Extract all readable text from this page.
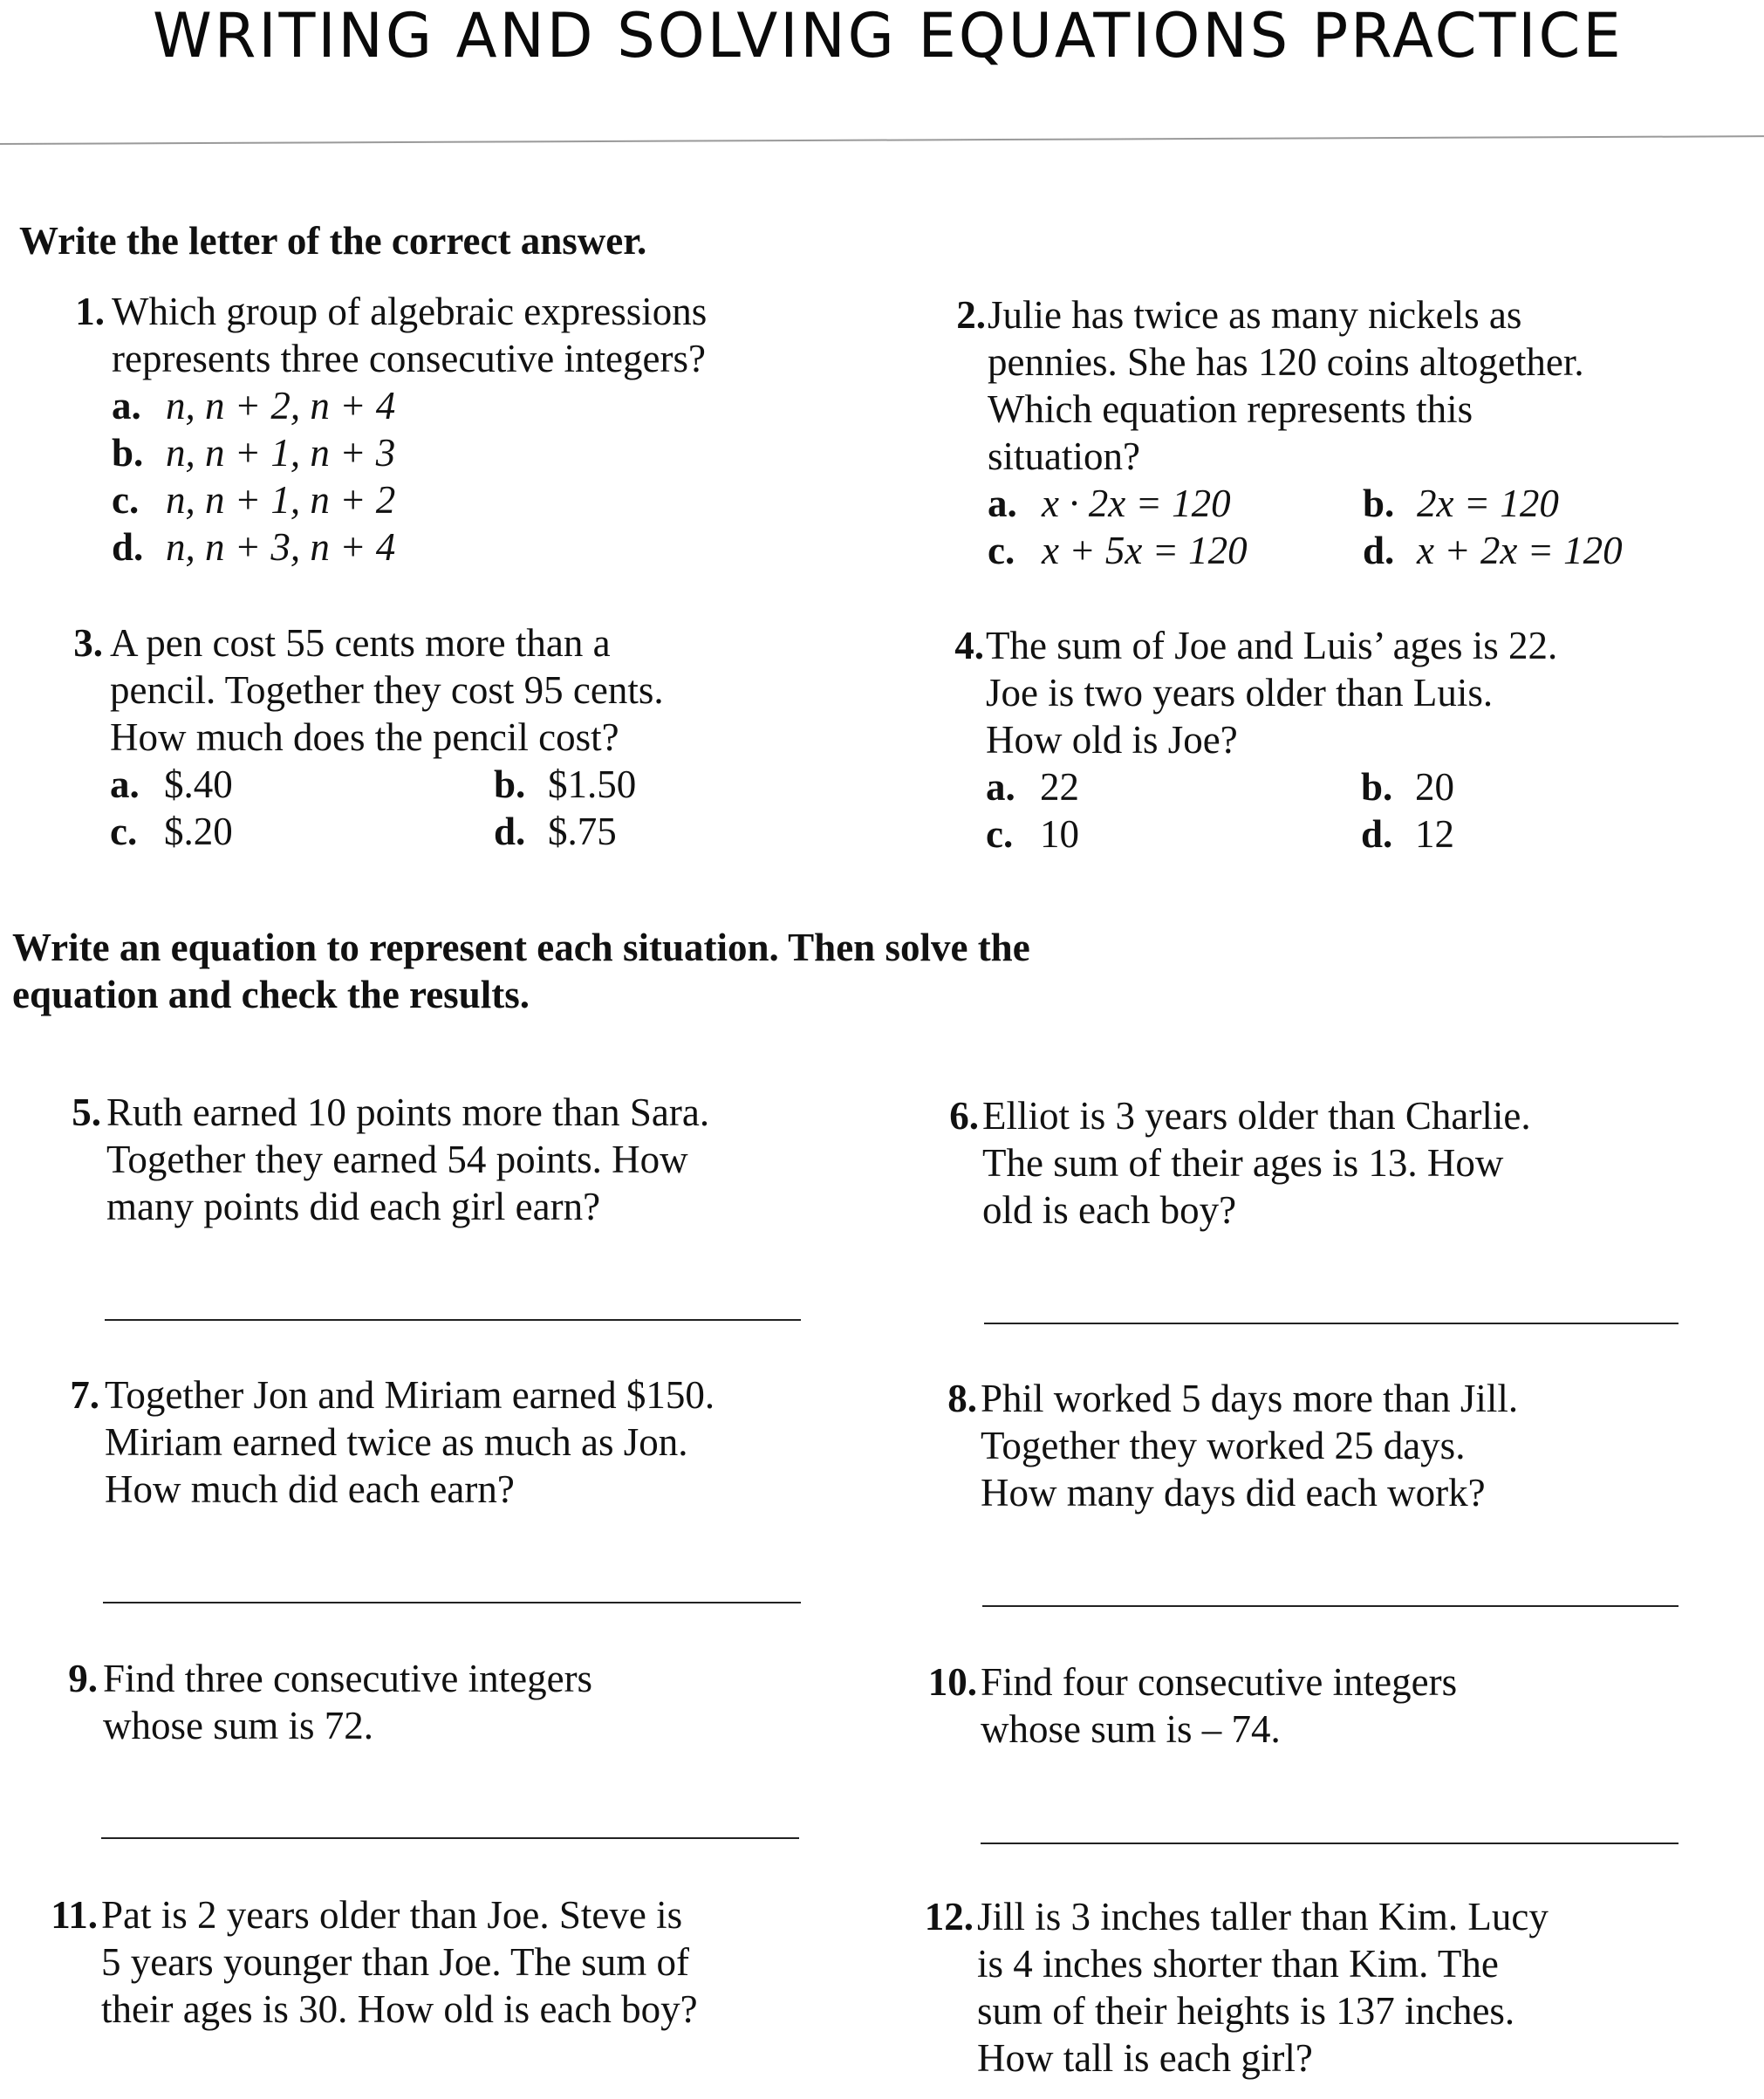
WRITING AND SOLVING EQUATIONS PRACTICE
Write the letter of the correct answer.
1. Which group of algebraic expressions
represents three consecutive integers?
a. n, n + 2, n + 4
b. n, n + 1, n + 3
c. n, n + 1, n + 2
d. n, n + 3, n + 4
2. Julie has twice as many nickels as
pennies. She has 120 coins altogether.
Which equation represents this
situation?
a. x · 2x = 120	b. 2x = 120
c. x + 5x = 120	d. x + 2x = 120
3. A pen cost 55 cents more than a
pencil. Together they cost 95 cents.
How much does the pencil cost?
a. $.40	b. $1.50
c. $.20	d. $.75
4. The sum of Joe and Luis’ ages is 22.
Joe is two years older than Luis.
How old is Joe?
a. 22	b. 20
c. 10	d. 12
Write an equation to represent each situation. Then solve the
equation and check the results.
5. Ruth earned 10 points more than Sara.
Together they earned 54 points. How
many points did each girl earn?
6. Elliot is 3 years older than Charlie.
The sum of their ages is 13. How
old is each boy?
7. Together Jon and Miriam earned $150.
Miriam earned twice as much as Jon.
How much did each earn?
8. Phil worked 5 days more than Jill.
Together they worked 25 days.
How many days did each work?
9. Find three consecutive integers
whose sum is 72.
10. Find four consecutive integers
whose sum is – 74.
11. Pat is 2 years older than Joe. Steve is
5 years younger than Joe. The sum of
their ages is 30. How old is each boy?
12. Jill is 3 inches taller than Kim. Lucy
is 4 inches shorter than Kim. The
sum of their heights is 137 inches.
How tall is each girl?
